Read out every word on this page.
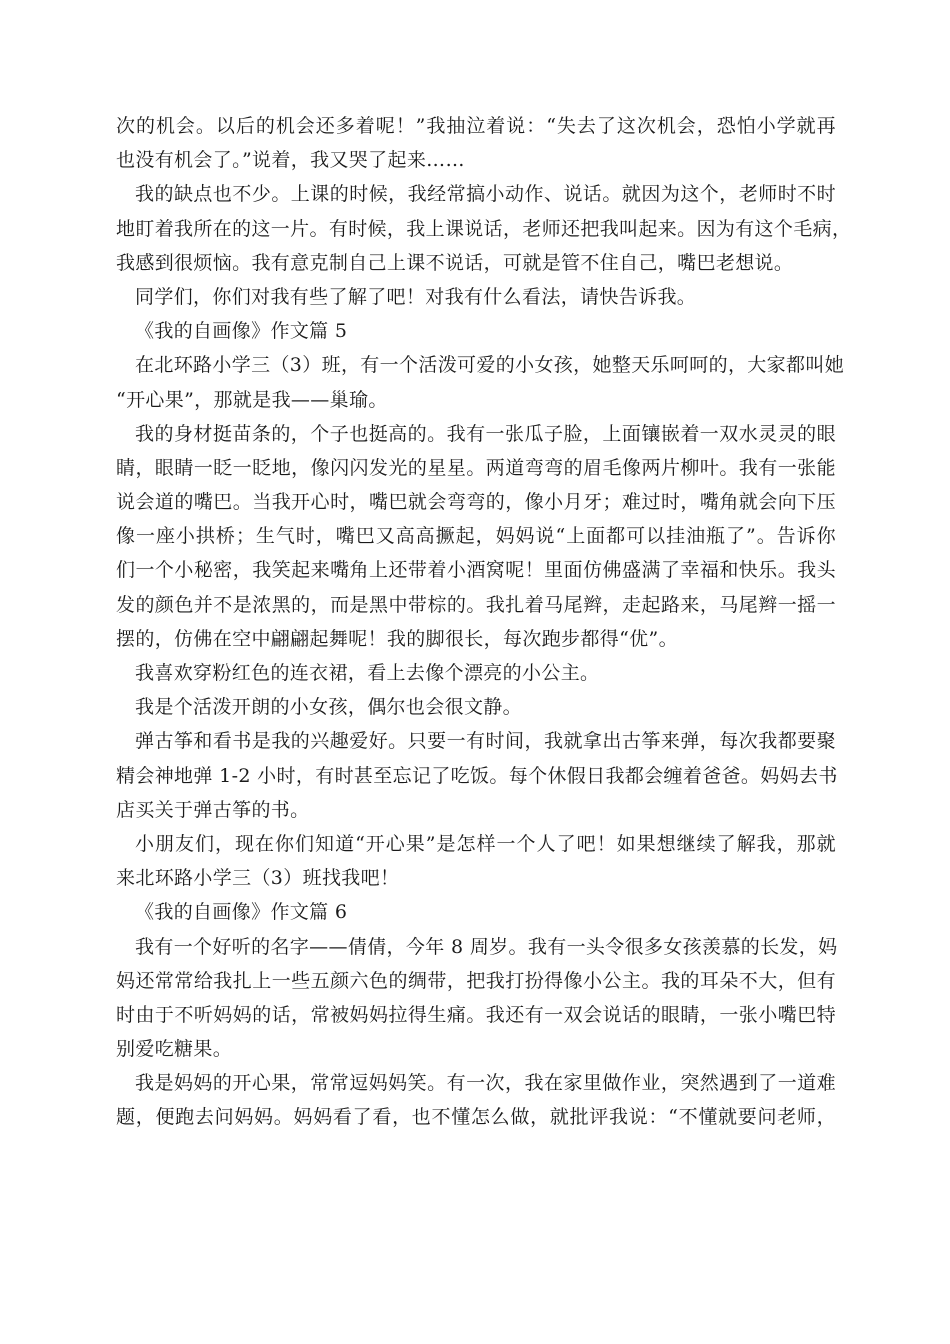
次的机会。以后的机会还多着呢！”我抽泣着说：“失去了这次机会，恐怕小学就再
也没有机会了。”说着，我又哭了起来……
我的缺点也不少。上课的时候，我经常搞小动作、说话。就因为这个，老师时不时
地盯着我所在的这一片。有时候，我上课说话，老师还把我叫起来。因为有这个毛病，
我感到很烦恼。我有意克制自己上课不说话，可就是管不住自己，嘴巴老想说。
同学们，你们对我有些了解了吧！对我有什么看法，请快告诉我。
《我的自画像》作文篇 5
在北环路小学三（3）班，有一个活泼可爱的小女孩，她整天乐呵呵的，大家都叫她
“开心果”，那就是我——巢瑜。
我的身材挺苗条的，个子也挺高的。我有一张瓜子脸，上面镶嵌着一双水灵灵的眼
睛，眼睛一眨一眨地，像闪闪发光的星星。两道弯弯的眉毛像两片柳叶。我有一张能
说会道的嘴巴。当我开心时，嘴巴就会弯弯的，像小月牙；难过时，嘴角就会向下压
像一座小拱桥；生气时，嘴巴又高高撅起，妈妈说“上面都可以挂油瓶了”。告诉你
们一个小秘密，我笑起来嘴角上还带着小酒窝呢！里面仿佛盛满了幸福和快乐。我头
发的颜色并不是浓黑的，而是黑中带棕的。我扎着马尾辫，走起路来，马尾辫一摇一
摆的，仿佛在空中翩翩起舞呢！我的脚很长，每次跑步都得“优”。
我喜欢穿粉红色的连衣裙，看上去像个漂亮的小公主。
我是个活泼开朗的小女孩，偶尔也会很文静。
弹古筝和看书是我的兴趣爱好。只要一有时间，我就拿出古筝来弹，每次我都要聚
精会神地弹 1-2 小时，有时甚至忘记了吃饭。每个休假日我都会缠着爸爸。妈妈去书
店买关于弹古筝的书。
小朋友们，现在你们知道“开心果”是怎样一个人了吧！如果想继续了解我，那就
来北环路小学三（3）班找我吧！
《我的自画像》作文篇 6
我有一个好听的名字——倩倩，今年 8 周岁。我有一头令很多女孩羡慕的长发，妈
妈还常常给我扎上一些五颜六色的绸带，把我打扮得像小公主。我的耳朵不大，但有
时由于不听妈妈的话，常被妈妈拉得生痛。我还有一双会说话的眼睛，一张小嘴巴特
别爱吃糖果。
我是妈妈的开心果，常常逗妈妈笑。有一次，我在家里做作业，突然遇到了一道难
题，便跑去问妈妈。妈妈看了看，也不懂怎么做，就批评我说：“不懂就要问老师，
